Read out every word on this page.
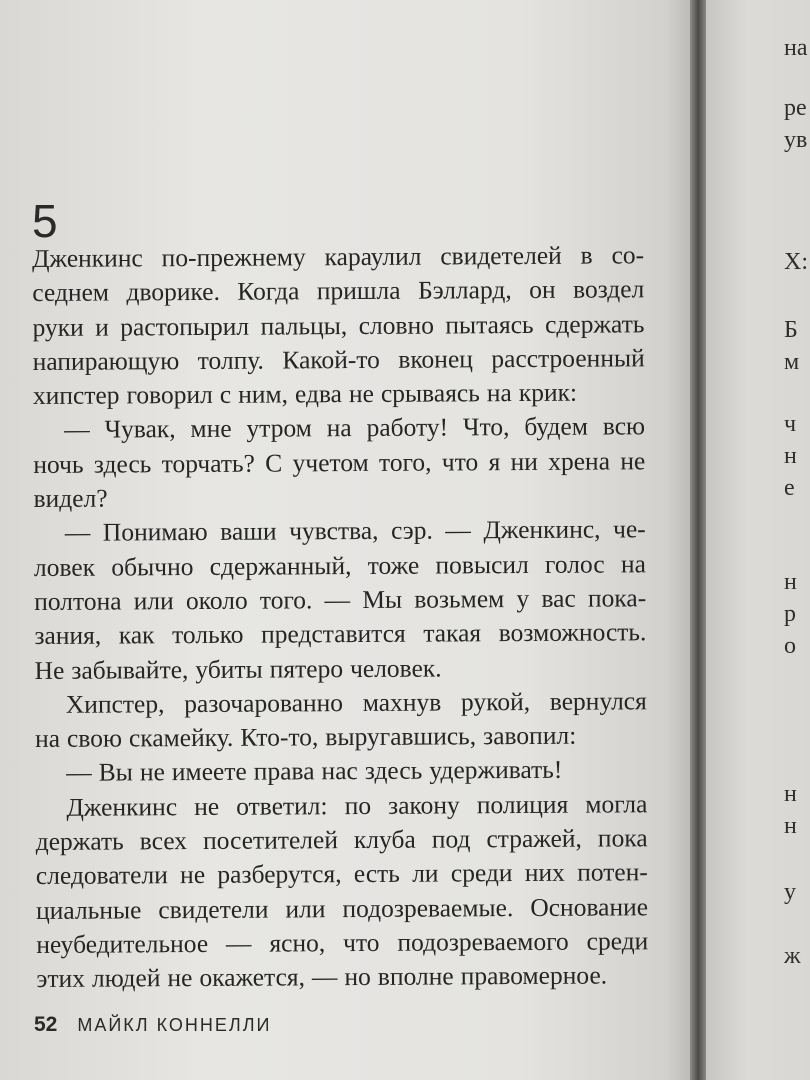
5
Дженкинс по-прежнему караулил свидетелей в со-
седнем дворике. Когда пришла Бэллард, он воздел
руки и растопырил пальцы, словно пытаясь сдержать
напирающую толпу. Какой-то вконец расстроенный
хипстер говорил с ним, едва не срываясь на крик:
— Чувак, мне утром на работу! Что, будем всю
ночь здесь торчать? С учетом того, что я ни хрена не
видел?
— Понимаю ваши чувства, сэр. — Дженкинс, че-
ловек обычно сдержанный, тоже повысил голос на
полтона или около того. — Мы возьмем у вас пока-
зания, как только представится такая возможность.
Не забывайте, убиты пятеро человек.
Хипстер, разочарованно махнув рукой, вернулся
на свою скамейку. Кто-то, выругавшись, завопил:
— Вы не имеете права нас здесь удерживать!
Дженкинс не ответил: по закону полиция могла
держать всех посетителей клуба под стражей, пока
следователи не разберутся, есть ли среди них потен-
циальные свидетели или подозреваемые. Основание
неубедительное — ясно, что подозреваемого среди
этих людей не окажется, — но вполне правомерное.
52 МАЙКЛ КОННЕЛЛИ
на
ре
ув
Х:
Б
м
ч
н
е
н
р
о
н
н
у
ж
